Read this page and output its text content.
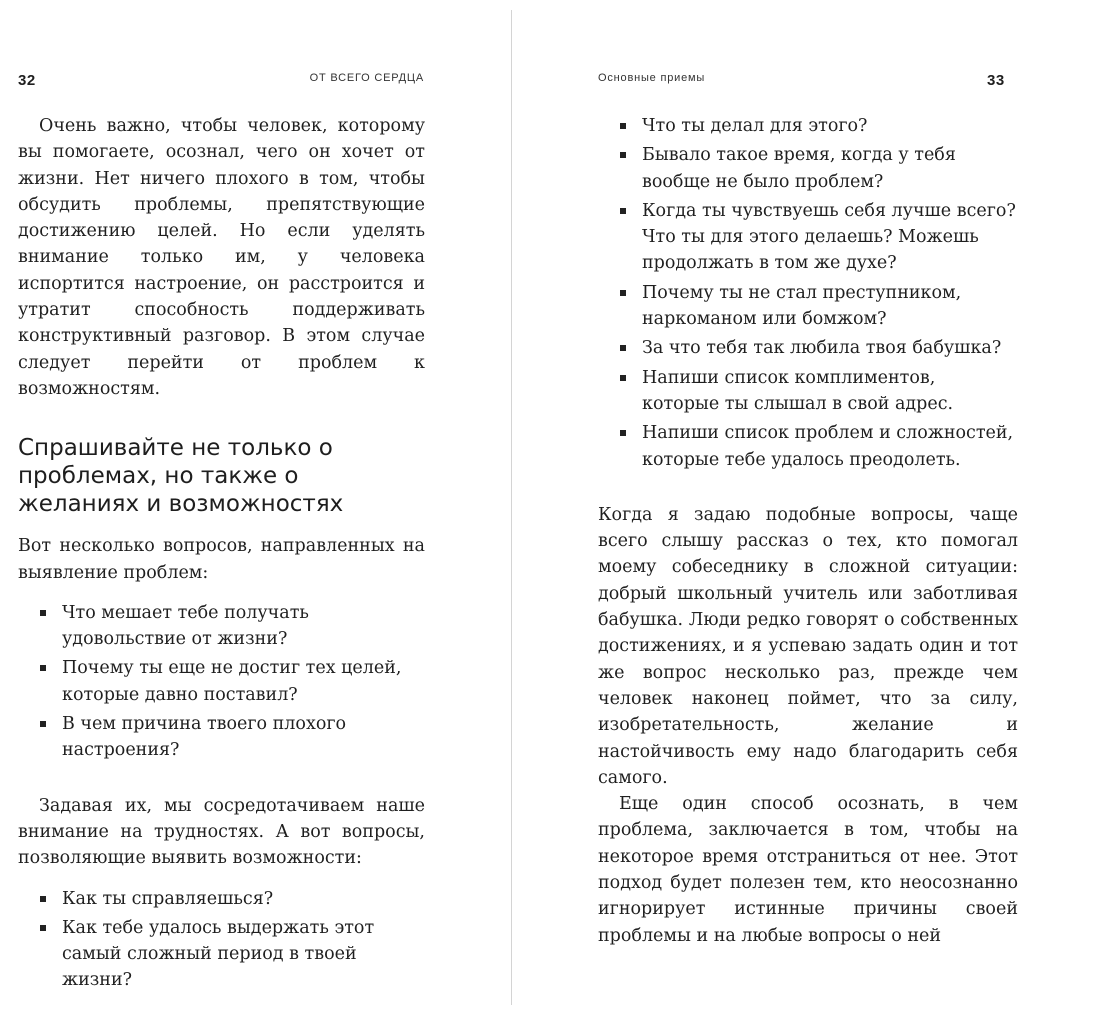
32	ОТ ВСЕГО СЕРДЦА

Очень важно, чтобы человек, которому вы помогаете, осознал, чего он хочет от жизни. Нет ничего плохого в том, чтобы обсудить проблемы, препятствующие достижению целей. Но если уделять внимание только им, у человека испортится настроение, он расстроится и утратит способность поддерживать конструктивный разговор. В этом случае следует перейти от проблем к возможностям.

Спрашивайте не только о проблемах, но также о желаниях и возможностях

Вот несколько вопросов, направленных на выявление проблем:

Что мешает тебе получать удовольствие от жизни?
Почему ты еще не достиг тех целей, которые давно поставил?
В чем причина твоего плохого настроения?

Задавая их, мы сосредотачиваем наше внимание на трудностях. А вот вопросы, позволяющие выявить возможности:

Как ты справляешься?
Как тебе удалось выдержать этот самый сложный период в твоей жизни?
Основные приемы	33
Что ты делал для этого?
Бывало такое время, когда у тебя вообще не было проблем?
Когда ты чувствуешь себя лучше всего? Что ты для этого делаешь? Можешь продолжать в том же духе?
Почему ты не стал преступником, наркоманом или бомжом?
За что тебя так любила твоя бабушка?
Напиши список комплиментов, которые ты слышал в свой адрес.
Напиши список проблем и сложностей, которые тебе удалось преодолеть.

Когда я задаю подобные вопросы, чаще всего слышу рассказ о тех, кто помогал моему собеседнику в сложной ситуации: добрый школьный учитель или заботливая бабушка. Люди редко говорят о собственных достижениях, и я успеваю задать один и тот же вопрос несколько раз, прежде чем человек наконец поймет, что за силу, изобретательность, желание и настойчивость ему надо благодарить себя самого.

Еще один способ осознать, в чем проблема, заключается в том, чтобы на некоторое время отстраниться от нее. Этот подход будет полезен тем, кто неосознанно игнорирует истинные причины своей проблемы и на любые вопросы о ней
